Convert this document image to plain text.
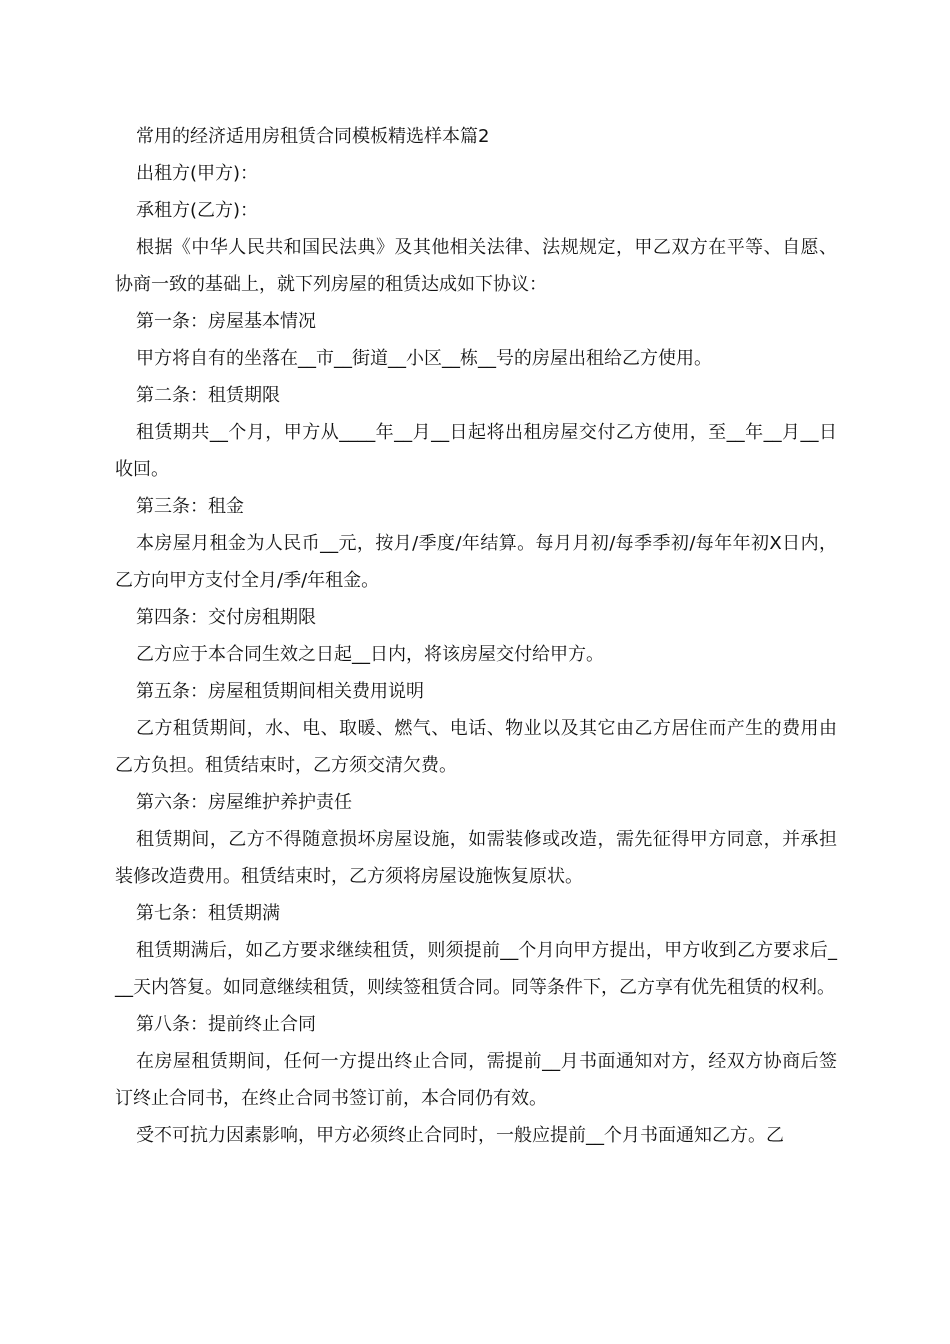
常用的经济适用房租赁合同模板精选样本篇2

出租方(甲方)：

承租方(乙方)：

根据《中华人民共和国民法典》及其他相关法律、法规规定，甲乙双方在平等、自愿、协商一致的基础上，就下列房屋的租赁达成如下协议：

第一条：房屋基本情况

甲方将自有的坐落在__市__街道__小区__栋__号的房屋出租给乙方使用。

第二条：租赁期限

租赁期共__个月，甲方从____年__月__日起将出租房屋交付乙方使用，至__年__月__日收回。

第三条：租金

本房屋月租金为人民币__元，按月/季度/年结算。每月月初/每季季初/每年年初X日内，乙方向甲方支付全月/季/年租金。

第四条：交付房租期限

乙方应于本合同生效之日起__日内，将该房屋交付给甲方。

第五条：房屋租赁期间相关费用说明

乙方租赁期间，水、电、取暖、燃气、电话、物业以及其它由乙方居住而产生的费用由乙方负担。租赁结束时，乙方须交清欠费。

第六条：房屋维护养护责任

租赁期间，乙方不得随意损坏房屋设施，如需装修或改造，需先征得甲方同意，并承担装修改造费用。租赁结束时，乙方须将房屋设施恢复原状。

第七条：租赁期满

租赁期满后，如乙方要求继续租赁，则须提前__个月向甲方提出，甲方收到乙方要求后___天内答复。如同意继续租赁，则续签租赁合同。同等条件下，乙方享有优先租赁的权利。

第八条：提前终止合同

在房屋租赁期间，任何一方提出终止合同，需提前__月书面通知对方，经双方协商后签订终止合同书，在终止合同书签订前，本合同仍有效。

受不可抗力因素影响，甲方必须终止合同时，一般应提前__个月书面通知乙方。乙
